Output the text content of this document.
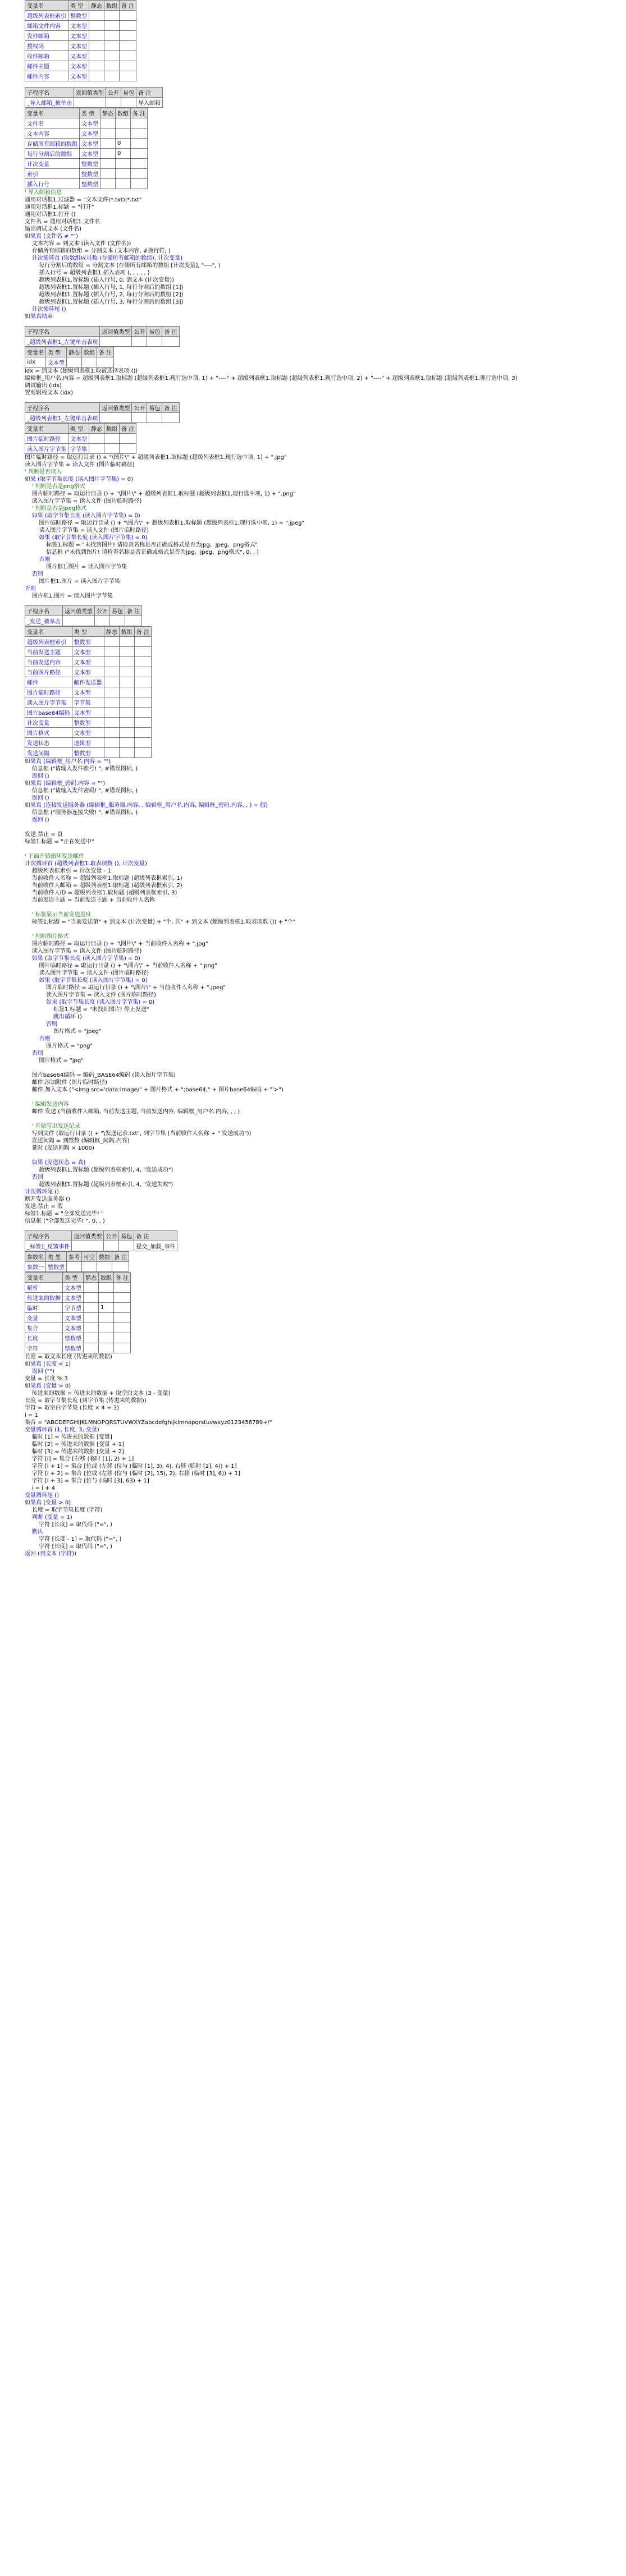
变量名	类 型	静态	数组	备 注
超级列表框索引	整数型			
邮箱文件内容	文本型			
发件邮箱	文本型			
授权码	文本型			
收件邮箱	文本型			
邮件主题	文本型			
邮件内容	文本型			
子程序名	返回值类型	公开	易包	备 注
_导入邮箱_被单击				导入邮箱
变量名	类 型	静态	数组	备 注
文件名	文本型			
文本内容	文本型			
存储所有邮箱的数组	文本型		0	
每行分割后的数组	文本型		0	
计次变量	整数型			
索引	整数型			
插入行号	整数型			
' 导入邮箱信息
通用对话框1.过滤器 = "文本文件(*.txt)|*.txt"
通用对话框1.标题 = "打开"
通用对话框1.打开 ()
文件名 = 通用对话框1.文件名
输出调试文本 (文件名)
如果真 (文件名 ≠ "")
文本内容 = 到文本 (读入文件 (文件名))
存储所有邮箱的数组 = 分割文本 (文本内容, #换行符, )
计次循环首 (取数组成员数 (存储所有邮箱的数组), 计次变量)
每行分割后的数组 = 分割文本 (存储所有邮箱的数组 [计次变量], "----", )
插入行号 = 超级列表框1.插入表项 (, , , , , )
超级列表框1.置标题 (插入行号, 0, 到文本 (计次变量))
超级列表框1.置标题 (插入行号, 1, 每行分割后的数组 [1])
超级列表框1.置标题 (插入行号, 2, 每行分割后的数组 [2])
超级列表框1.置标题 (插入行号, 3, 每行分割后的数组 [3])
计次循环尾 ()
如果真结束
子程序名	返回值类型	公开	易包	备 注
_超级列表框1_左键单击表项				
变量名	类 型	静态	数组	备 注
idx	文本型			
idx = 到文本 (超级列表框1.取被选择表项 ())
编辑框_用户名.内容 = 超级列表框1.取标题 (超级列表框1.现行选中项, 1) + "----" + 超级列表框1.取标题 (超级列表框1.现行选中项, 2) + "----" + 超级列表框1.取标题 (超级列表框1.现行选中项, 3)
调试输出 (idx)
置剪辑板文本 (idx)
子程序名	返回值类型	公开	易包	备 注
_超级列表框1_左键单击表项				
变量名	类 型	静态	数组	备 注
图片临时路径	文本型			
读入图片字节集	字节集			
图片临时路径 = 取运行目录 () + "\图片\" + 超级列表框1.取标题 (超级列表框1.现行选中项, 1) + ".jpg"
读入图片字节集 = 读入文件 (图片临时路径)
' 判断是否读入
如果 (取字节集长度 (读入图片字节集) = 0)
' 判断是否是png格式
图片临时路径 = 取运行目录 () + "\图片\" + 超级列表框1.取标题 (超级列表框1.现行选中项, 1) + ".png"
读入图片字节集 = 读入文件 (图片临时路径)
' 判断是否是jpeg格式
如果 (取字节集长度 (读入图片字节集) = 0)
图片临时路径 = 取运行目录 () + "\图片\" + 超级列表框1.取标题 (超级列表框1.现行选中项, 1) + ".jpeg"
读入图片字节集 = 读入文件 (图片临时路径)
如果 (取字节集长度 (读入图片字节集) = 0)
标签1.标题 = "未找到图片! 请检查名称是否正确或格式是否为jpg、jpeg、png格式"
信息框 ("未找到图片! 请检查名称是否正确或格式是否为jpg、jpeg、png格式", 0, , )
否则
图片框1.图片 = 读入图片字节集
否则
图片框1.图片 = 读入图片字节集
否则
图片框1.图片 = 读入图片字节集
子程序名	返回值类型	公开	易包	备 注
_发送_被单击				
变量名	类 型	静态	数组	备 注
超级列表框索引	整数型			
当前发送主题	文本型			
当前发送内容	文本型			
当前图片路径	文本型			
邮件	邮件发送器			
图片临时路径	文本型			
读入图片字节集	字节集			
图片base64编码	文本型			
计次变量	整数型			
图片格式	文本型			
发送状态	逻辑型			
发送间隔	整数型			
如果真 (编辑框_用户名.内容 = "")
信息框 ("请输入发件账号! ", #错误图标, )
返回 ()
如果真 (编辑框_密码.内容 = "")
信息框 ("请输入发件密码! ", #错误图标, )
返回 ()
如果真 (连接发送服务器 (编辑框_服务器.内容, , 编辑框_用户名.内容, 编辑框_密码.内容, , ) = 假)
信息框 ("服务器连接失败! ", #错误图标, )
返回 ()
发送.禁止 = 真
标签1.标题 = "正在发送中"
' 下面开始循环发送邮件
计次循环首 (超级列表框1.取表项数 (), 计次变量)
超级列表框索引 = 计次变量 - 1
当前收件人名称 = 超级列表框1.取标题 (超级列表框索引, 1)
当前收件人邮箱 = 超级列表框1.取标题 (超级列表框索引, 2)
当前收件人ID = 超级列表框1.取标题 (超级列表框索引, 3)
当前发送主题 = 当前发送主题 + 当前收件人名称
' 标签显示当前发送进度
标签1.标题 = "当前发送第" + 到文本 (计次变量) + "个, 共" + 到文本 (超级列表框1.取表项数 ()) + "个"
' 判断图片格式
图片临时路径 = 取运行目录 () + "\图片\" + 当前收件人名称 + ".jpg"
读入图片字节集 = 读入文件 (图片临时路径)
如果 (取字节集长度 (读入图片字节集) = 0)
图片临时路径 = 取运行目录 () + "\图片\" + 当前收件人名称 + ".png"
读入图片字节集 = 读入文件 (图片临时路径)
如果 (取字节集长度 (读入图片字节集) = 0)
图片临时路径 = 取运行目录 () + "\图片\" + 当前收件人名称 + ".jpeg"
读入图片字节集 = 读入文件 (图片临时路径)
如果 (取字节集长度 (读入图片字节集) = 0)
标签1.标题 = "未找到图片! 停止发送"
跳出循环 ()
否则
图片格式 = "jpeg"
否则
图片格式 = "png"
否则
图片格式 = "jpg"
图片base64编码 = 编码_BASE64编码 (读入图片字节集)
邮件.添加附件 (图片临时路径)
邮件.加入文本 ("<img src='data:image/" + 图片格式 + ";base64," + 图片base64编码 + "'>")
' 编辑发送内容
邮件.发送 (当前收件人邮箱, 当前发送主题, 当前发送内容, 编辑框_用户名.内容, , , )
' 开始写出发送记录
写到文件 (取运行目录 () + "\发送记录.txt", 到字节集 (当前收件人名称 + " 发送成功"))
发送间隔 = 到整数 (编辑框_间隔.内容)
延时 (发送间隔 × 1000)
如果 (发送状态 = 真)
超级列表框1.置标题 (超级列表框索引, 4, "发送成功")
否则
超级列表框1.置标题 (超级列表框索引, 4, "发送失败")
计次循环尾 ()
断开发送服务器 ()
发送.禁止 = 假
标签1.标题 = "全部发送完毕! "
信息框 ("全部发送完毕! ", 0, , )
子程序名	返回值类型	公开	易包	备 注
_标签1_反馈事件				提交_加载_事件
参数名	类 型	参考	可空	数组	备 注
参数一	整数型				
变量名	类 型	静态	数组	备 注
解析	文本型			
传进来的数据	文本型			
临时	字节型		1	
变量	文本型			
集合	文本型			
长度	整数型			
字符	整数型			
长度 = 取文本长度 (传进来的数据)
如果真 (长度 < 1)
返回 ("")
变量 = 长度 % 3
如果真 (变量 > 0)
传进来的数据 = 传进来的数据 + 取空白文本 (3 - 变量)
长度 = 取字节集长度 (到字节集 (传进来的数据))
字符 = 取空白字节集 (长度 × 4 ÷ 3)
i = 1
集合 = "ABCDEFGHIJKLMNOPQRSTUVWXYZabcdefghijklmnopqrstuvwxyz0123456789+/"
变量循环首 (1, 长度, 3, 变量)
临时 [1] = 传进来的数据 [变量]
临时 [2] = 传进来的数据 [变量 + 1]
临时 [3] = 传进来的数据 [变量 + 2]
字符 [i] = 集合 [右移 (临时 [1], 2) + 1]
字符 [i + 1] = 集合 [位或 (左移 (位与 (临时 [1], 3), 4), 右移 (临时 [2], 4)) + 1]
字符 [i + 2] = 集合 [位或 (左移 (位与 (临时 [2], 15), 2), 右移 (临时 [3], 6)) + 1]
字符 [i + 3] = 集合 [位与 (临时 [3], 63) + 1]
i = i + 4
变量循环尾 ()
如果真 (变量 > 0)
长度 = 取字节集长度 (字符)
判断 (变量 = 1)
字符 [长度] = 取代码 ("=", )
默认
字符 [长度 - 1] = 取代码 ("=", )
字符 [长度] = 取代码 ("=", )
返回 (到文本 (字符))
